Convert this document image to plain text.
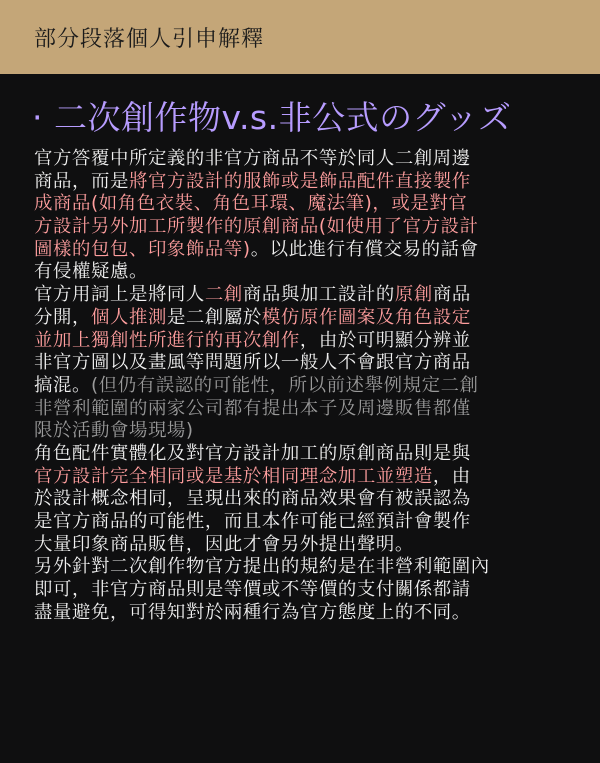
部分段落個人引申解釋
· 二次創作物v.s.非公式のグッズ
官方答覆中所定義的非官方商品不等於同人二創周邊
商品，而是將官方設計的服飾或是飾品配件直接製作
成商品(如角色衣裝、角色耳環、魔法筆)，或是對官
方設計另外加工所製作的原創商品(如使用了官方設計
圖樣的包包、印象飾品等)。以此進行有償交易的話會
有侵權疑慮。
官方用詞上是將同人二創商品與加工設計的原創商品
分開，個人推測是二創屬於模仿原作圖案及角色設定
並加上獨創性所進行的再次創作，由於可明顯分辨並
非官方圖以及畫風等問題所以一般人不會跟官方商品
搞混。(但仍有誤認的可能性，所以前述舉例規定二創
非營利範圍的兩家公司都有提出本子及周邊販售都僅
限於活動會場現場)
角色配件實體化及對官方設計加工的原創商品則是與
官方設計完全相同或是基於相同理念加工並塑造，由
於設計概念相同，呈現出來的商品效果會有被誤認為
是官方商品的可能性，而且本作可能已經預計會製作
大量印象商品販售，因此才會另外提出聲明。
另外針對二次創作物官方提出的規約是在非營利範圍內
即可，非官方商品則是等價或不等價的支付關係都請
盡量避免，可得知對於兩種行為官方態度上的不同。
